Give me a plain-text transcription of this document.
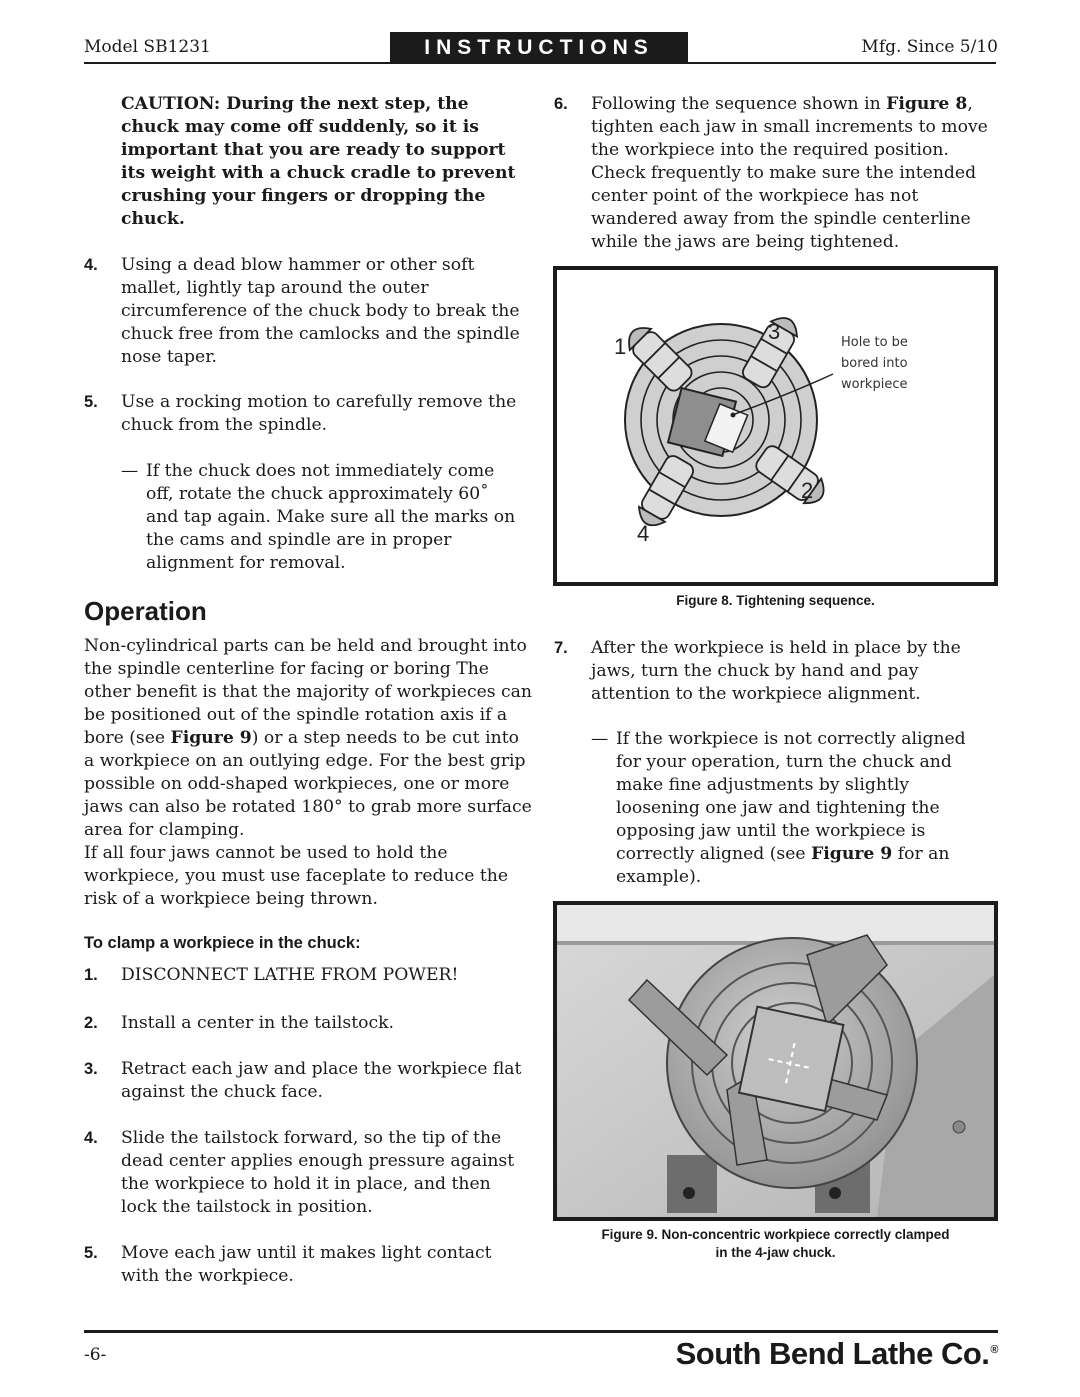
Model SB1231	INSTRUCTIONS	Mfg. Since 5/10
CAUTION: During the next step, the chuck may come off suddenly, so it is important that you are ready to support its weight with a chuck cradle to prevent crushing your fingers or dropping the chuck.
4.	Using a dead blow hammer or other soft mallet, lightly tap around the outer circumference of the chuck body to break the chuck free from the camlocks and the spindle nose taper.
5.	Use a rocking motion to carefully remove the chuck from the spindle.
— If the chuck does not immediately come off, rotate the chuck approximately 60˚ and tap again. Make sure all the marks on the cams and spindle are in proper alignment for removal.
Operation
Non-cylindrical parts can be held and brought into the spindle centerline for facing or boring The other benefit is that the majority of workpieces can be positioned out of the spindle rotation axis if a bore (see Figure 9) or a step needs to be cut into a workpiece on an outlying edge. For the best grip possible on odd-shaped workpieces, one or more jaws can also be rotated 180° to grab more surface area for clamping.
If all four jaws cannot be used to hold the workpiece, you must use faceplate to reduce the risk of a workpiece being thrown.
To clamp a workpiece in the chuck:
1.	DISCONNECT LATHE FROM POWER!
2.	Install a center in the tailstock.
3.	Retract each jaw and place the workpiece flat against the chuck face.
4.	Slide the tailstock forward, so the tip of the dead center applies enough pressure against the workpiece to hold it in place, and then lock the tailstock in position.
5.	Move each jaw until it makes light contact with the workpiece.
6.	Following the sequence shown in Figure 8, tighten each jaw in small increments to move the workpiece into the required position. Check frequently to make sure the intended center point of the workpiece has not wandered away from the spindle centerline while the jaws are being tightened.
1
3
2
4
Hole to be
bored into
workpiece
Figure 8. Tightening sequence.
7.	After the workpiece is held in place by the jaws, turn the chuck by hand and pay attention to the workpiece alignment.
— If the workpiece is not correctly aligned for your operation, turn the chuck and make fine adjustments by slightly loosening one jaw and tightening the opposing jaw until the workpiece is correctly aligned (see Figure 9 for an example).
Figure 9. Non-concentric workpiece correctly clamped
in the 4-jaw chuck.
-6-	South Bend Lathe Co.®
